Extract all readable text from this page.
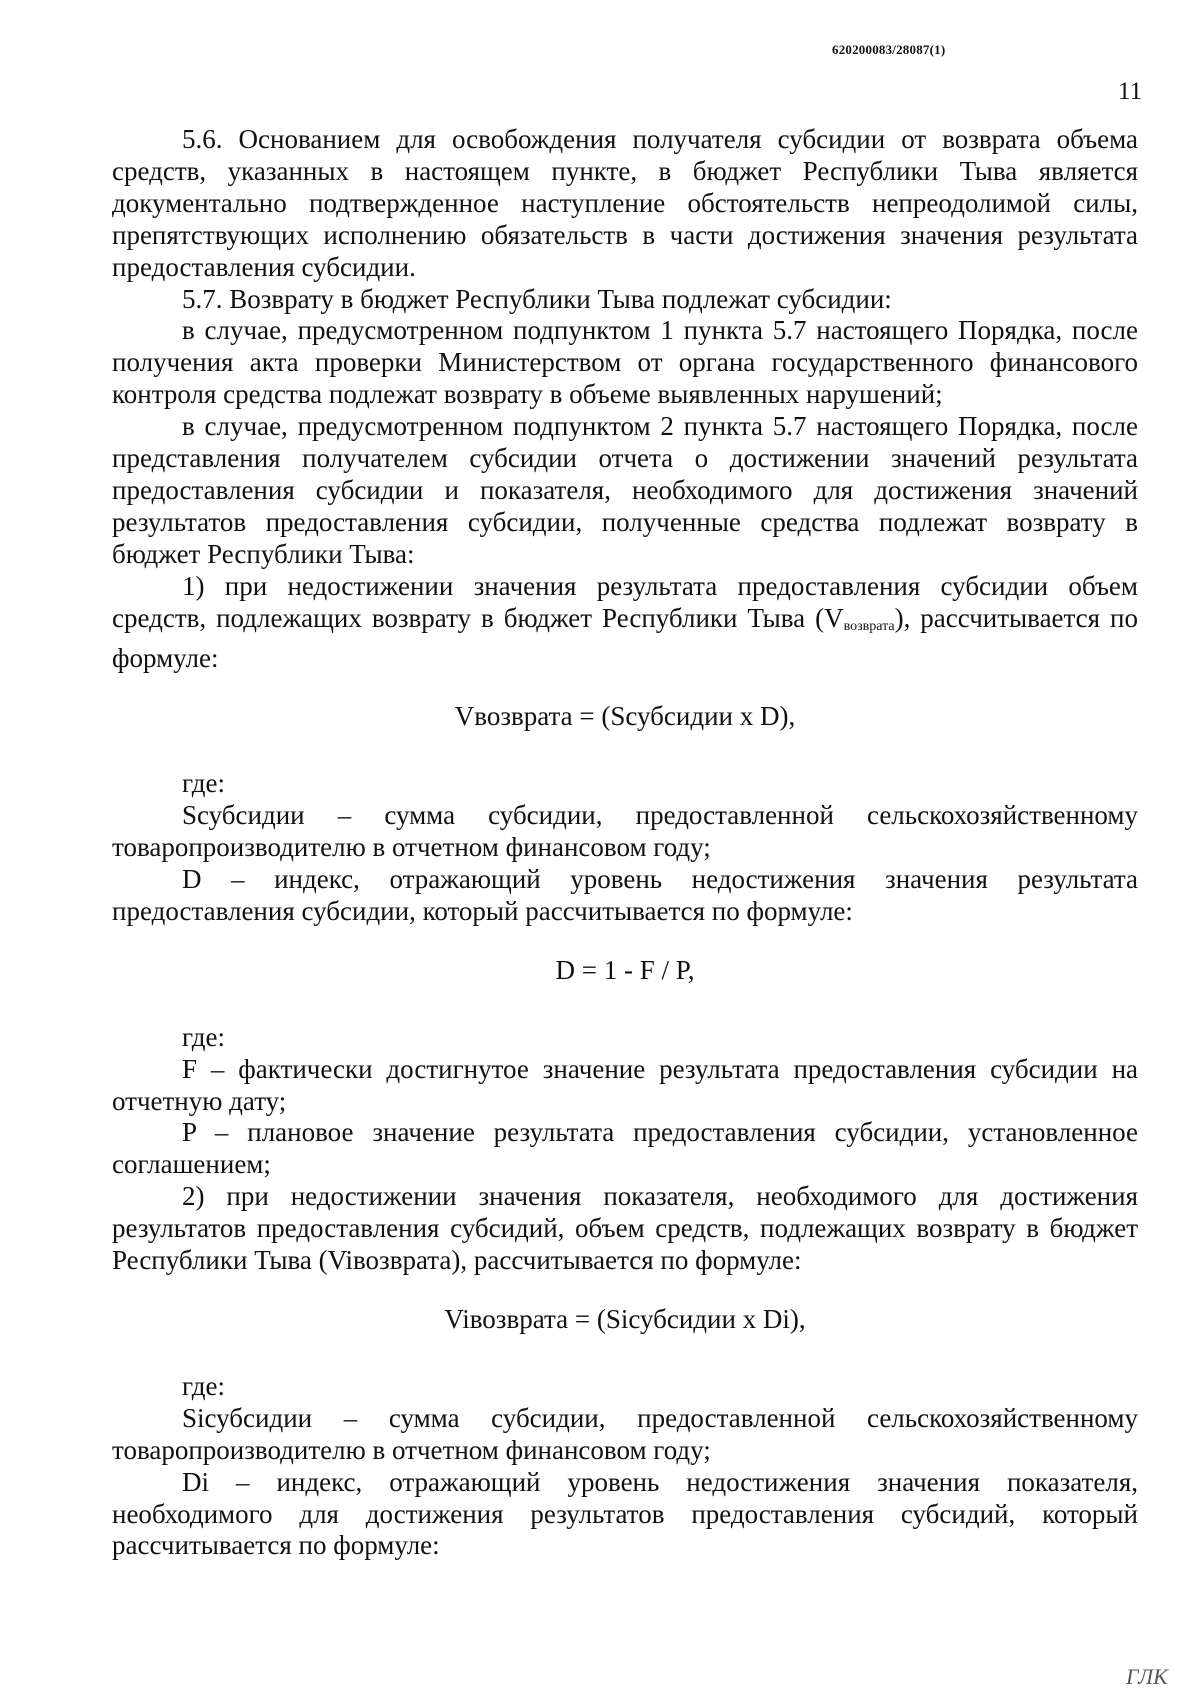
620200083/28087(1)
11

5.6. Основанием для освобождения получателя субсидии от возврата объема средств, указанных в настоящем пункте, в бюджет Республики Тыва является документально подтвержденное наступление обстоятельств непреодолимой силы, препятствующих исполнению обязательств в части достижения значения результата предоставления субсидии.

5.7. Возврату в бюджет Республики Тыва подлежат субсидии:

в случае, предусмотренном подпунктом 1 пункта 5.7 настоящего Порядка, после получения акта проверки Министерством от органа государственного финансового контроля средства подлежат возврату в объеме выявленных нарушений;

в случае, предусмотренном подпунктом 2 пункта 5.7 настоящего Порядка, после представления получателем субсидии отчета о достижении значений результата предоставления субсидии и показателя, необходимого для достижения значений результатов предоставления субсидии, полученные средства подлежат возврату в бюджет Республики Тыва:

1) при недостижении значения результата предоставления субсидии объем средств, подлежащих возврату в бюджет Республики Тыва $(V_{возврата})$, рассчитывается по формуле:

Vвозврата = (Sсубсидии x D),

где:

Sсубсидии – сумма субсидии, предоставленной сельскохозяйственному товаропроизводителю в отчетном финансовом году;

D – индекс, отражающий уровень недостижения значения результата предоставления субсидии, который рассчитывается по формуле:

D = 1 - F / P,

где:

F – фактически достигнутое значение результата предоставления субсидии на отчетную дату;

P – плановое значение результата предоставления субсидии, установленное соглашением;

2) при недостижении значения показателя, необходимого для достижения результатов предоставления субсидий, объем средств, подлежащих возврату в бюджет Республики Тыва (Viвозврата), рассчитывается по формуле:

Viвозврата = (Siсубсидии x Di),

где:

Siсубсидии – сумма субсидии, предоставленной сельскохозяйственному товаропроизводителю в отчетном финансовом году;

Di – индекс, отражающий уровень недостижения значения показателя, необходимого для достижения результатов предоставления субсидий, который рассчитывается по формуле:

ГЛК
